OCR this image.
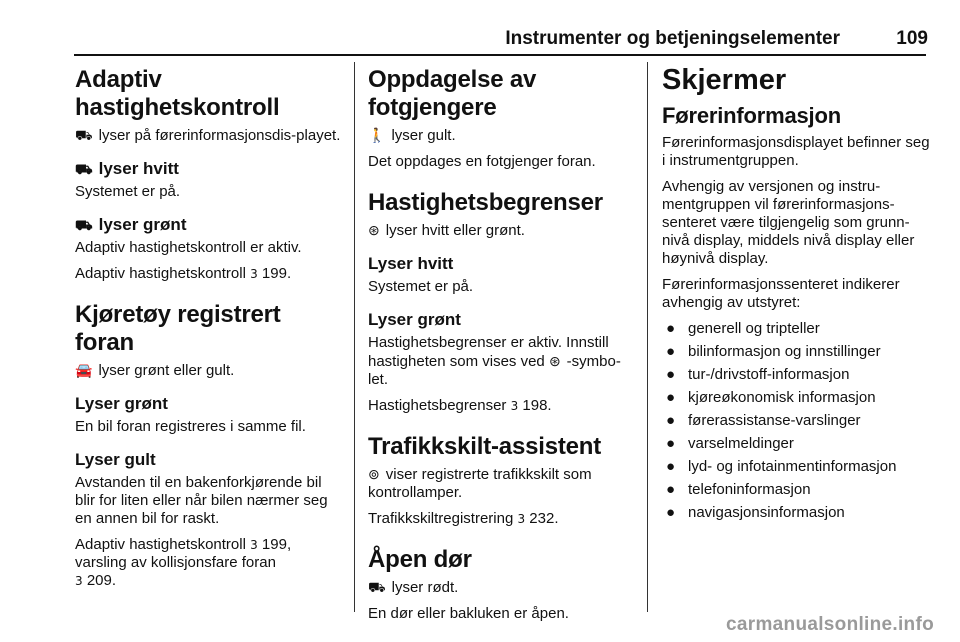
Instrumenter og betjeningselementer	109
Adaptiv hastighetskontroll

⛟ lyser på førerinformasjonsdis-playet.

⛟ lyser hvitt

Systemet er på.

⛟ lyser grønt

Adaptiv hastighetskontroll er aktiv.

Adaptiv hastighetskontroll 3 199.

Kjøretøy registrert foran

🚘 lyser grønt eller gult.

Lyser grønt

En bil foran registreres i samme fil.

Lyser gult

Avstanden til en bakenforkjørende bil blir for liten eller når bilen nærmer seg en annen bil for raskt.

Adaptiv hastighetskontroll 3 199,
varsling av kollisjonsfare foran
3 209.

Oppdagelse av fotgjengere

🚶 lyser gult.

Det oppdages en fotgjenger foran.

Hastighetsbegrenser

⊛ lyser hvitt eller grønt.

Lyser hvitt

Systemet er på.

Lyser grønt

Hastighetsbegrenser er aktiv. Innstill hastigheten som vises ved ⊛ -symbo-let.

Hastighetsbegrenser 3 198.

Trafikkskilt-assistent

⊚ viser registrerte trafikkskilt som kontrollamper.

Trafikkskiltregistrering 3 232.

Åpen dør

⛟ lyser rødt.

En dør eller bakluken er åpen.

Skjermer
Førerinformasjon

Førerinformasjonsdisplayet befinner seg i instrumentgruppen.

Avhengig av versjonen og instru-mentgruppen vil førerinformasjons-senteret være tilgjengelig som grunn-nivå display, middels nivå display eller høynivå display.

Førerinformasjonssenteret indikerer avhengig av utstyret:

● generell og tripteller
● bilinformasjon og innstillinger
● tur-/drivstoff-informasjon
● kjøreøkonomisk informasjon
● førerassistanse-varslinger
● varselmeldinger
● lyd- og infotainmentinformasjon
● telefoninformasjon
● navigasjonsinformasjon
carmanualsonline.info
